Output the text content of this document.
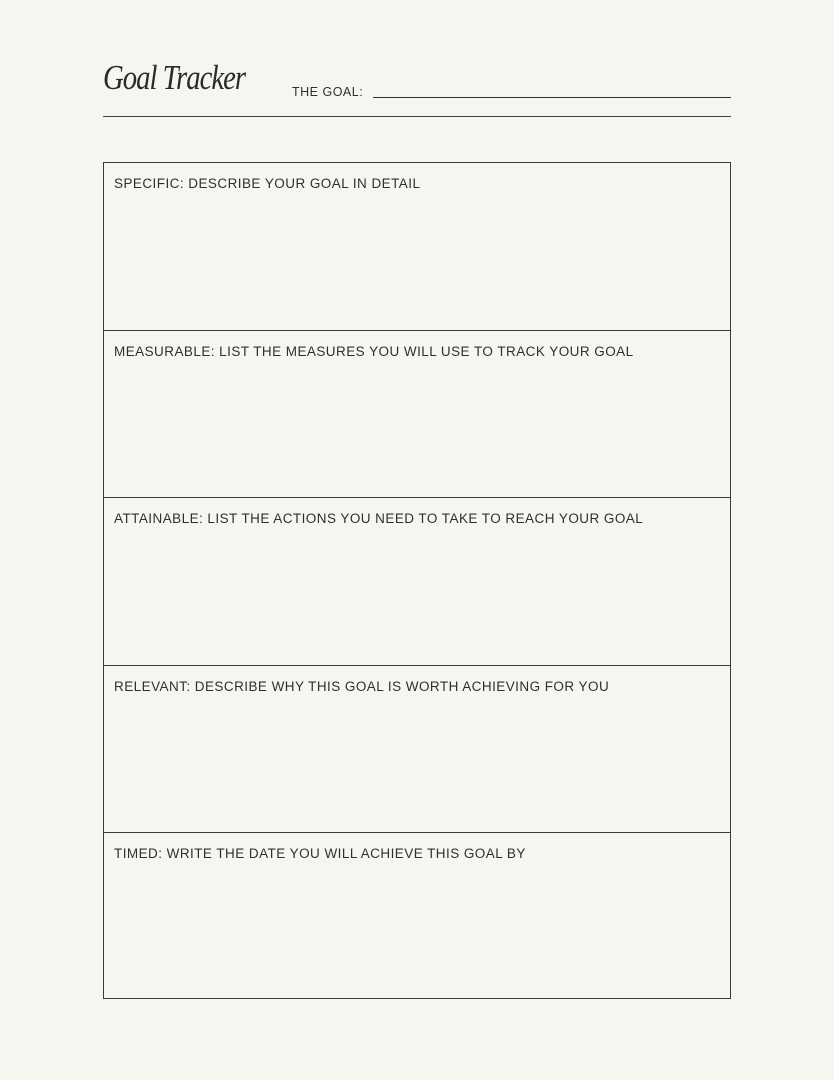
Goal Tracker	THE GOAL:
SPECIFIC: DESCRIBE YOUR GOAL IN DETAIL
MEASURABLE: LIST THE MEASURES YOU WILL USE TO TRACK YOUR GOAL
ATTAINABLE: LIST THE ACTIONS YOU NEED TO TAKE TO REACH YOUR GOAL
RELEVANT: DESCRIBE WHY THIS GOAL IS WORTH ACHIEVING FOR YOU
TIMED: WRITE THE DATE YOU WILL ACHIEVE THIS GOAL BY
